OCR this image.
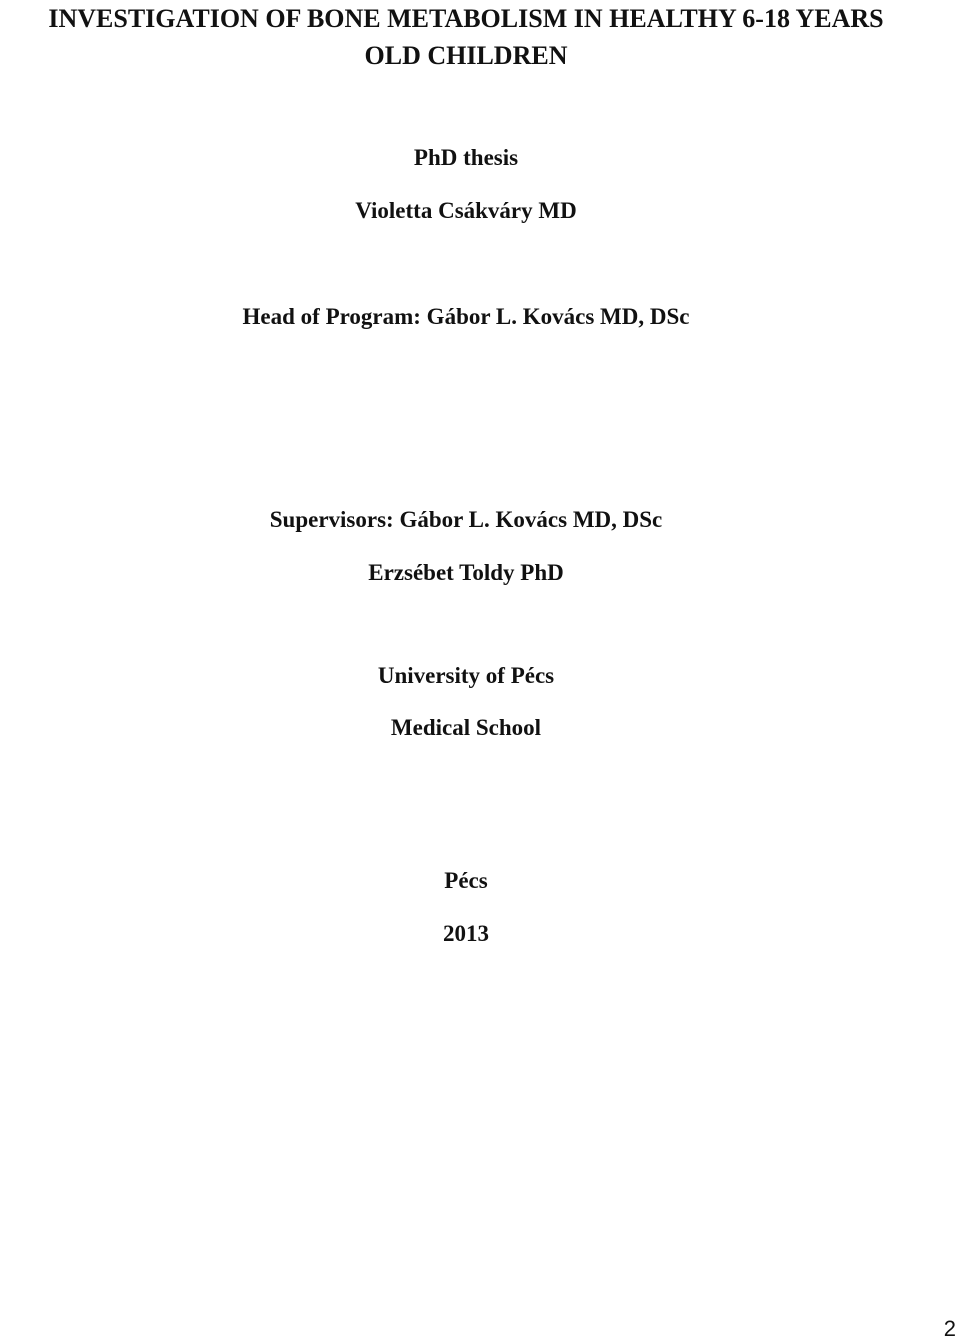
INVESTIGATION OF BONE METABOLISM IN HEALTHY 6-18 YEARS
OLD CHILDREN
PhD thesis
Violetta Csákváry MD
Head of Program: Gábor L. Kovács MD, DSc
Supervisors: Gábor L. Kovács MD, DSc
Erzsébet Toldy PhD
University of Pécs
Medical School
Pécs
2013
2
